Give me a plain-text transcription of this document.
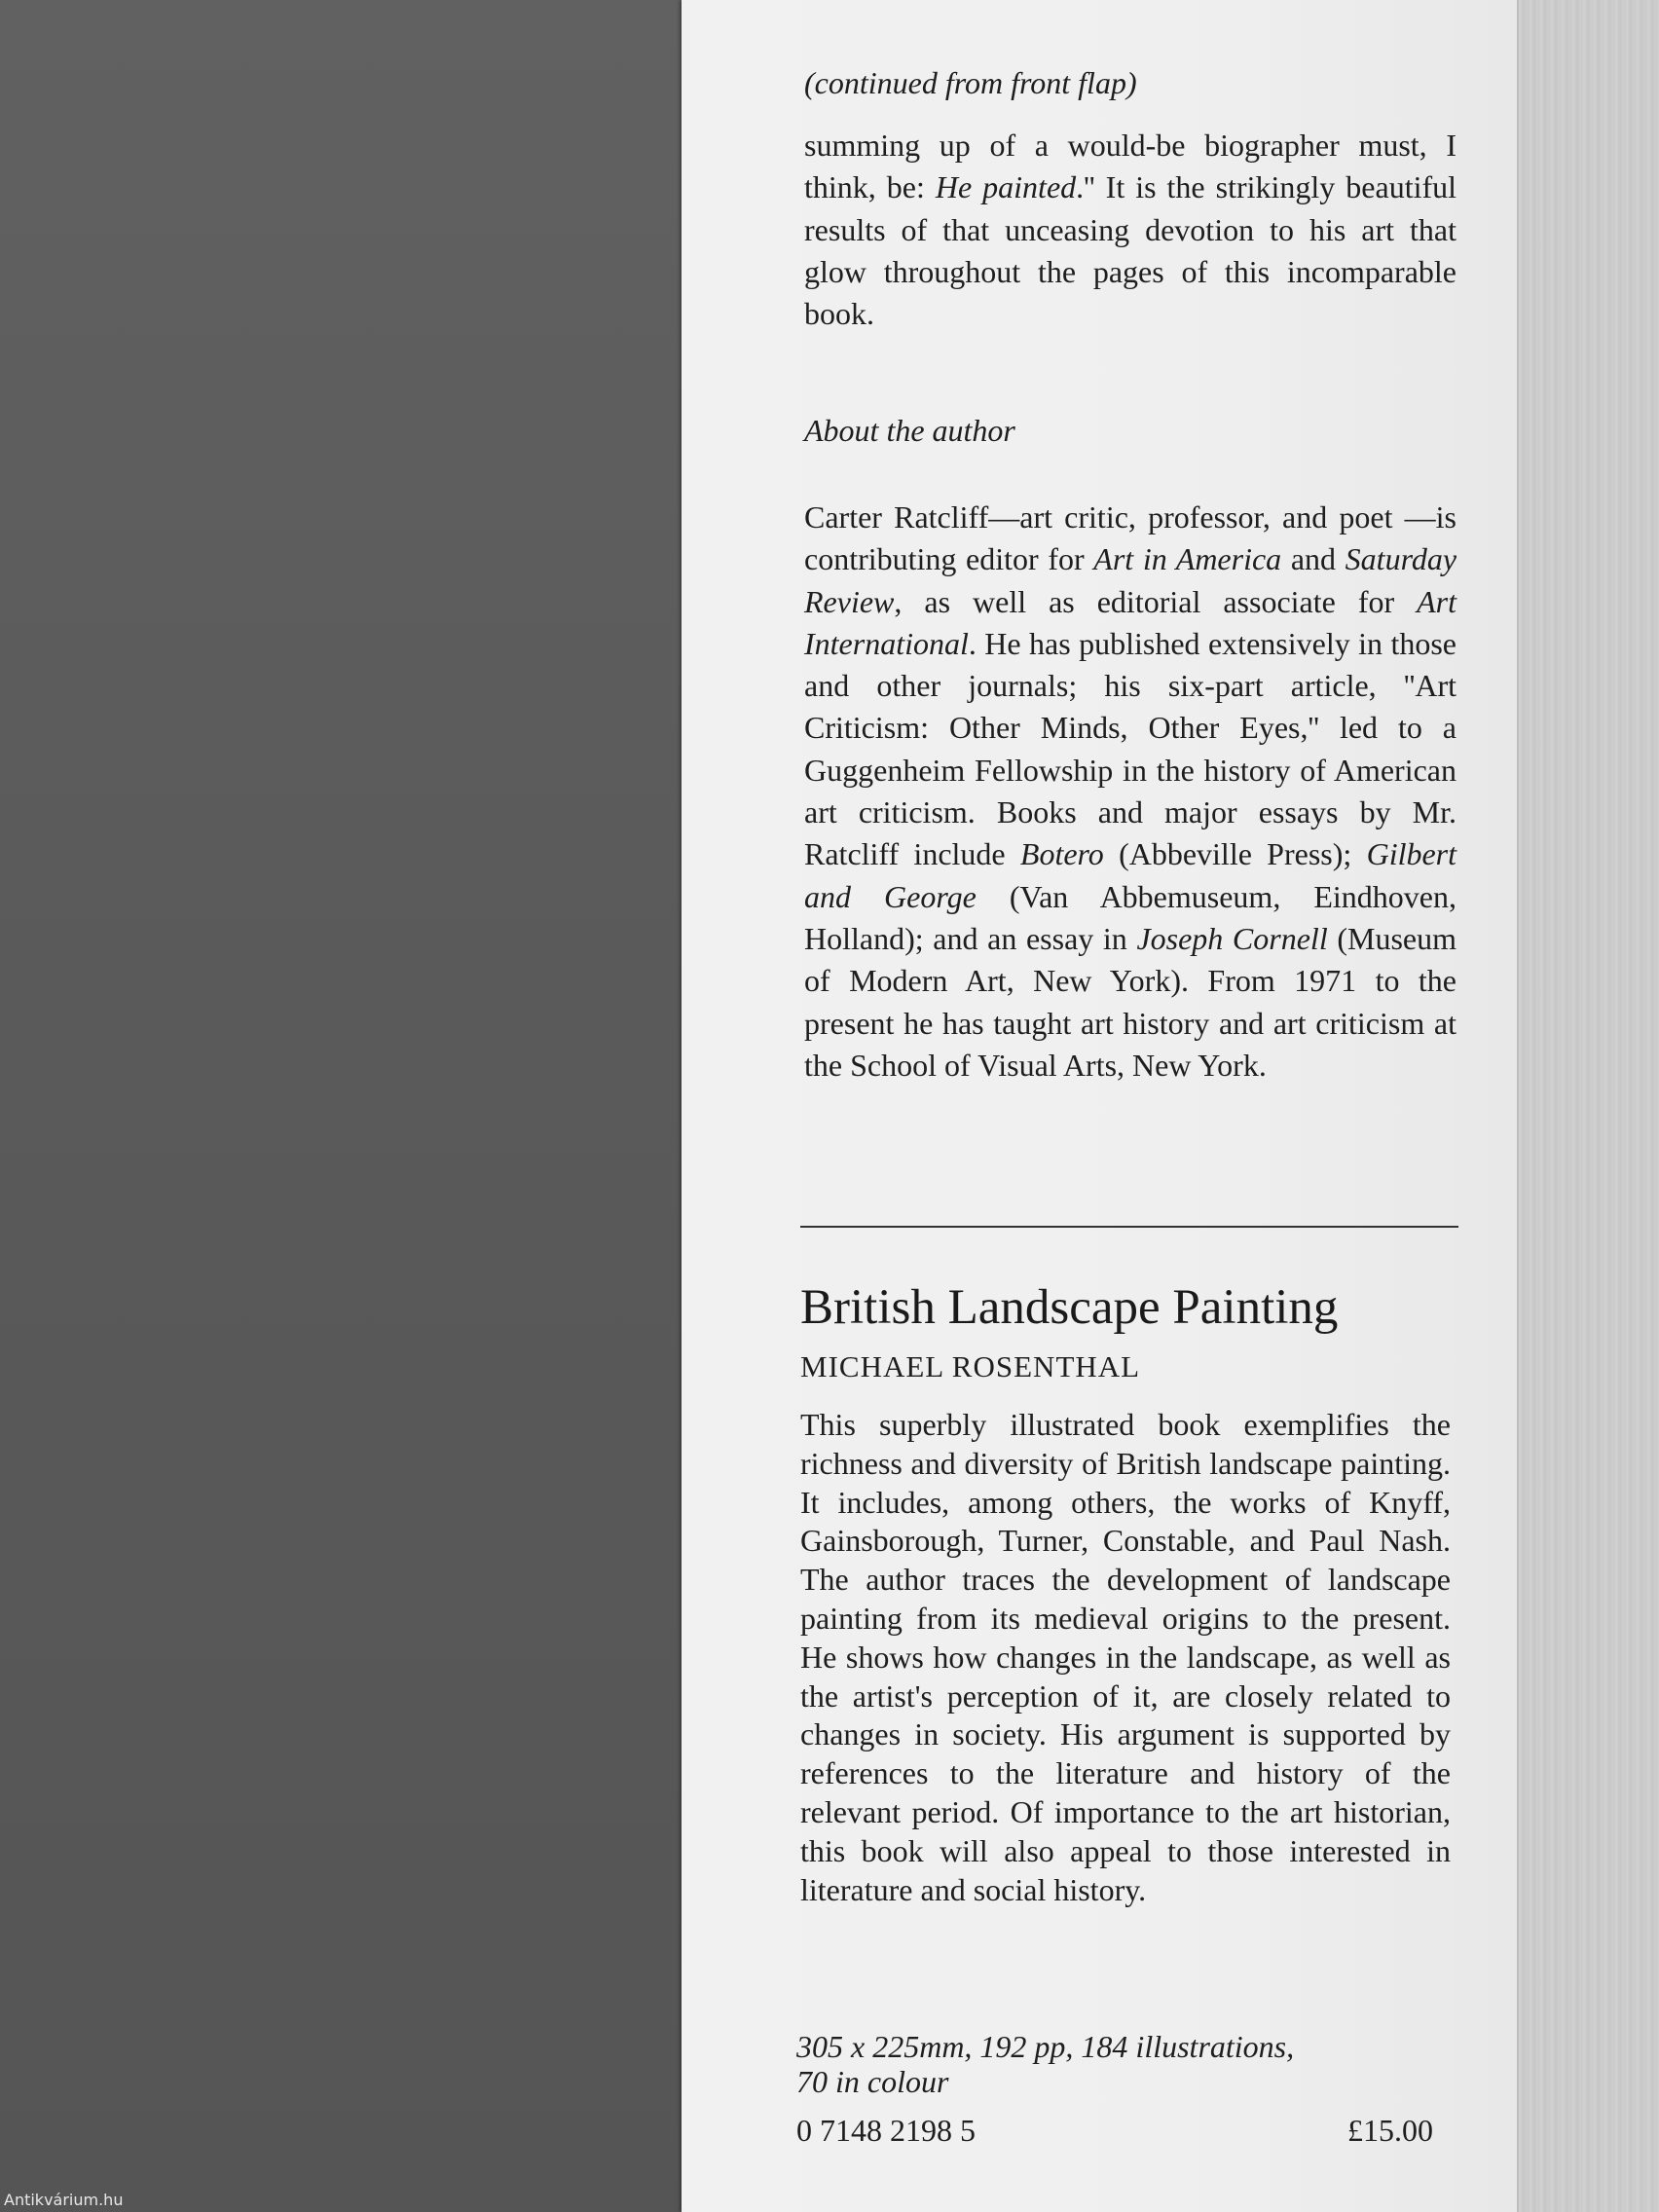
(continued from front flap)

summing up of a would-be biographer must, I think, be: He painted.'' It is the strikingly beautiful results of that unceasing devotion to his art that glow throughout the pages of this incomparable book.

About the author

Carter Ratcliff—art critic, professor, and poet —is contributing editor for Art in America and Saturday Review, as well as editorial associate for Art International. He has published extensively in those and other journals; his six-part article, ''Art Criticism: Other Minds, Other Eyes,'' led to a Guggenheim Fellowship in the history of American art criticism. Books and major essays by Mr. Ratcliff include Botero (Abbeville Press); Gilbert and George (Van Abbemuseum, Eindhoven, Holland); and an essay in Joseph Cornell (Museum of Modern Art, New York). From 1971 to the present he has taught art history and art criticism at the School of Visual Arts, New York.

British Landscape Painting

MICHAEL ROSENTHAL

This superbly illustrated book exemplifies the richness and diversity of British landscape painting. It includes, among others, the works of Knyff, Gainsborough, Turner, Constable, and Paul Nash. The author traces the development of landscape painting from its medieval origins to the present. He shows how changes in the landscape, as well as the artist's perception of it, are closely related to changes in society. His argument is supported by references to the literature and history of the relevant period. Of importance to the art historian, this book will also appeal to those interested in literature and social history.

305 x 225mm, 192 pp, 184 illustrations,
70 in colour

0 7148 2198 5	£15.00

Antikvárium.hu
